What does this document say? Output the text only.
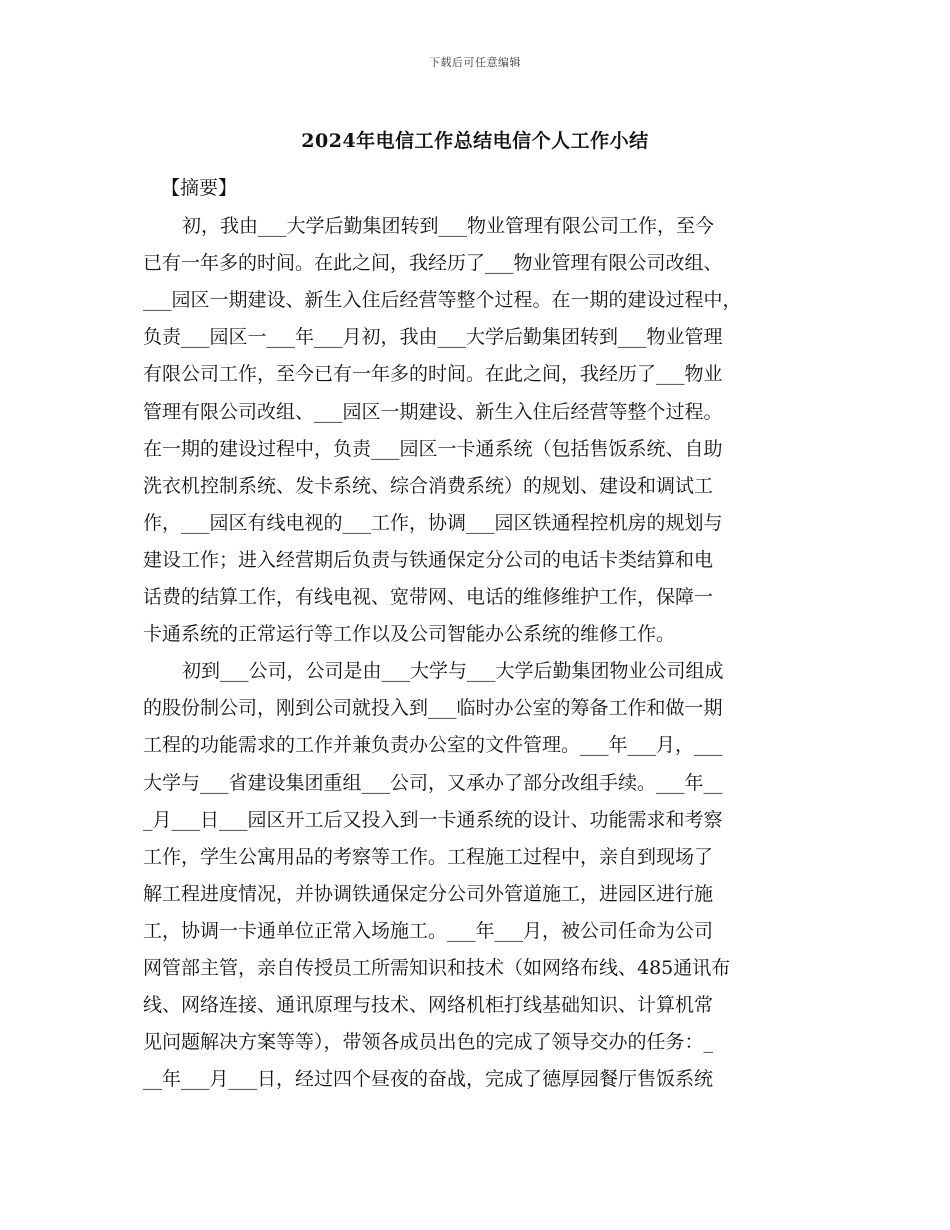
下载后可任意编辑
2024年电信工作总结电信个人工作小结
【摘要】
初，我由___大学后勤集团转到___物业管理有限公司工作，至今
已有一年多的时间。在此之间，我经历了___物业管理有限公司改组、
___园区一期建设、新生入住后经营等整个过程。在一期的建设过程中，
负责___园区一___年___月初，我由___大学后勤集团转到___物业管理
有限公司工作，至今已有一年多的时间。在此之间，我经历了___物业
管理有限公司改组、___园区一期建设、新生入住后经营等整个过程。
在一期的建设过程中，负责___园区一卡通系统（包括售饭系统、自助
洗衣机控制系统、发卡系统、综合消费系统）的规划、建设和调试工
作，___园区有线电视的___工作，协调___园区铁通程控机房的规划与
建设工作；进入经营期后负责与铁通保定分公司的电话卡类结算和电
话费的结算工作，有线电视、宽带网、电话的维修维护工作，保障一
卡通系统的正常运行等工作以及公司智能办公系统的维修工作。
初到___公司，公司是由___大学与___大学后勤集团物业公司组成
的股份制公司，刚到公司就投入到___临时办公室的筹备工作和做一期
工程的功能需求的工作并兼负责办公室的文件管理。___年___月，___
大学与___省建设集团重组___公司，又承办了部分改组手续。___年__
_月___日___园区开工后又投入到一卡通系统的设计、功能需求和考察
工作，学生公寓用品的考察等工作。工程施工过程中，亲自到现场了
解工程进度情况，并协调铁通保定分公司外管道施工，进园区进行施
工，协调一卡通单位正常入场施工。___年___月，被公司任命为公司
网管部主管，亲自传授员工所需知识和技术（如网络布线、485通讯布
线、网络连接、通讯原理与技术、网络机柜打线基础知识、计算机常
见问题解决方案等等），带领各成员出色的完成了领导交办的任务：_
__年___月___日，经过四个昼夜的奋战，完成了德厚园餐厅售饭系统
